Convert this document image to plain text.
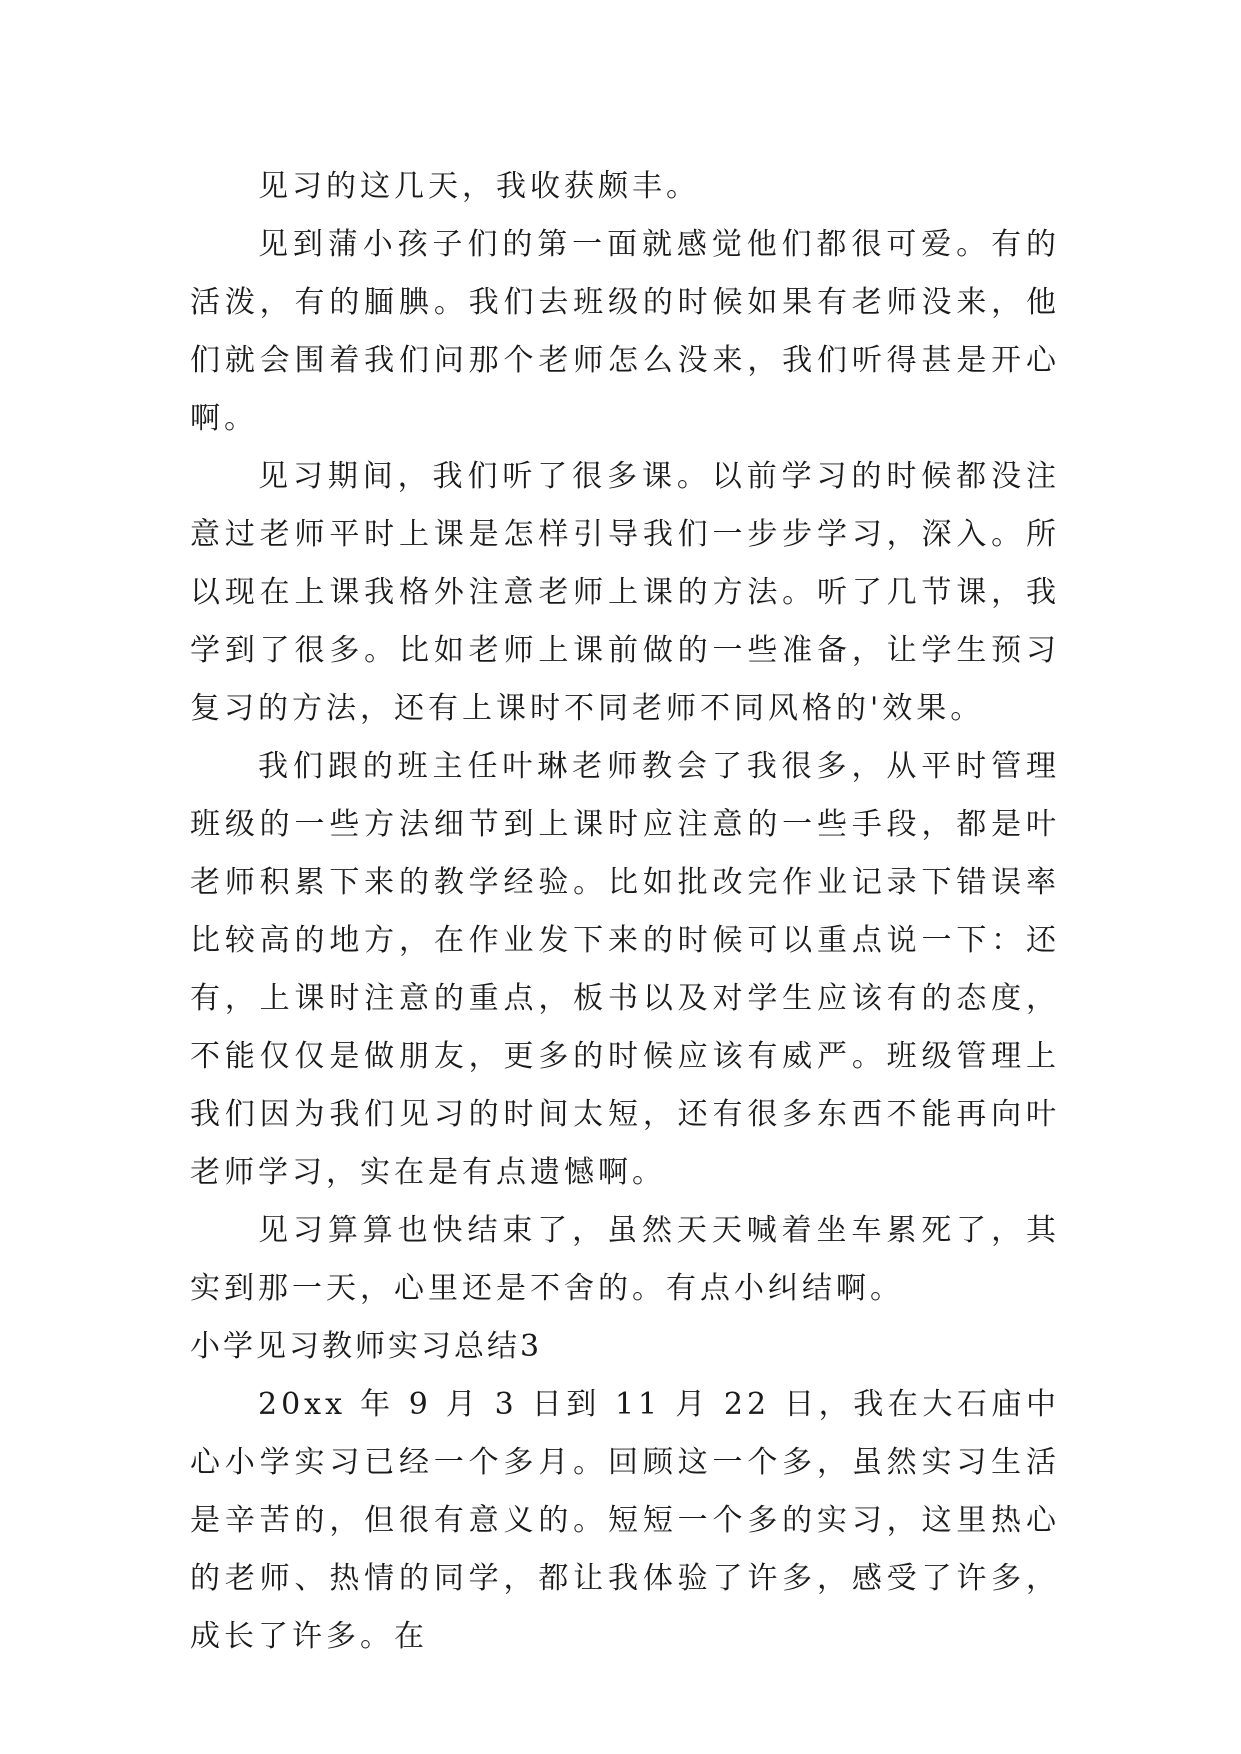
见习的这几天，我收获颇丰。

见到蒲小孩子们的第一面就感觉他们都很可爱。有的活泼，有的腼腆。我们去班级的时候如果有老师没来，他们就会围着我们问那个老师怎么没来，我们听得甚是开心啊。

见习期间，我们听了很多课。以前学习的时候都没注意过老师平时上课是怎样引导我们一步步学习，深入。所以现在上课我格外注意老师上课的方法。听了几节课，我学到了很多。比如老师上课前做的一些准备，让学生预习复习的方法，还有上课时不同老师不同风格的'效果。

我们跟的班主任叶琳老师教会了我很多，从平时管理班级的一些方法细节到上课时应注意的一些手段，都是叶老师积累下来的教学经验。比如批改完作业记录下错误率比较高的地方，在作业发下来的时候可以重点说一下：还有，上课时注意的重点，板书以及对学生应该有的态度，不能仅仅是做朋友，更多的时候应该有威严。班级管理上我们因为我们见习的时间太短，还有很多东西不能再向叶老师学习，实在是有点遗憾啊。

见习算算也快结束了，虽然天天喊着坐车累死了，其实到那一天，心里还是不舍的。有点小纠结啊。

小学见习教师实习总结3

20xx 年 9 月 3 日到 11 月 22 日，我在大石庙中心小学实习已经一个多月。回顾这一个多，虽然实习生活是辛苦的，但很有意义的。短短一个多的实习，这里热心的老师、热情的同学，都让我体验了许多，感受了许多，成长了许多。在
